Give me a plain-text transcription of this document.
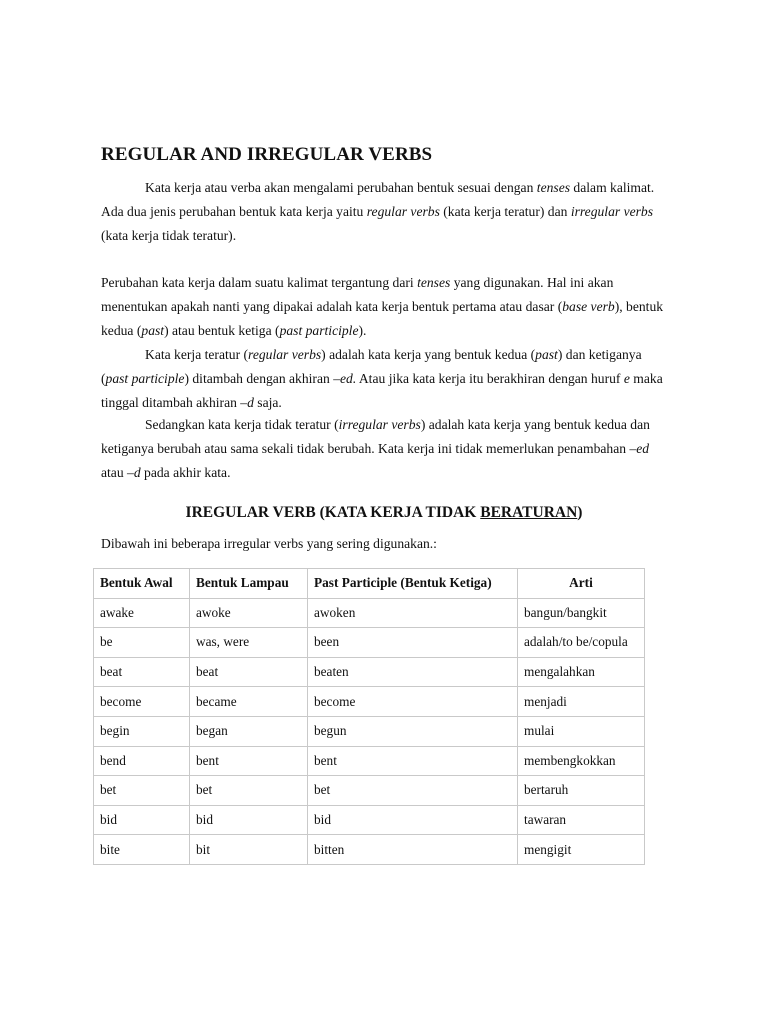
REGULAR AND IRREGULAR VERBS

Kata kerja atau verba akan mengalami perubahan bentuk sesuai dengan tenses dalam kalimat. Ada dua jenis perubahan bentuk kata kerja yaitu regular verbs (kata kerja teratur) dan irregular verbs (kata kerja tidak teratur).

Perubahan kata kerja dalam suatu kalimat tergantung dari tenses yang digunakan. Hal ini akan menentukan apakah nanti yang dipakai adalah kata kerja bentuk pertama atau dasar (base verb), bentuk kedua (past) atau bentuk ketiga (past participle).

Kata kerja teratur (regular verbs) adalah kata kerja yang bentuk kedua (past) dan ketiganya (past participle) ditambah dengan akhiran –ed. Atau jika kata kerja itu berakhiran dengan huruf e maka tinggal ditambah akhiran –d saja.

Sedangkan kata kerja tidak teratur (irregular verbs) adalah kata kerja yang bentuk kedua dan ketiganya berubah atau sama sekali tidak berubah. Kata kerja ini tidak memerlukan penambahan –ed atau –d pada akhir kata.

IREGULAR VERB (KATA KERJA TIDAK BERATURAN)

Dibawah ini beberapa irregular verbs yang sering digunakan.:

Bentuk Awal	Bentuk Lampau	Past Participle (Bentuk Ketiga)	Arti
awake	awoke	awoken	bangun/bangkit
be	was, were	been	adalah/to be/copula
beat	beat	beaten	mengalahkan
become	became	become	menjadi
begin	began	begun	mulai
bend	bent	bent	membengkokkan
bet	bet	bet	bertaruh
bid	bid	bid	tawaran
bite	bit	bitten	mengigit
